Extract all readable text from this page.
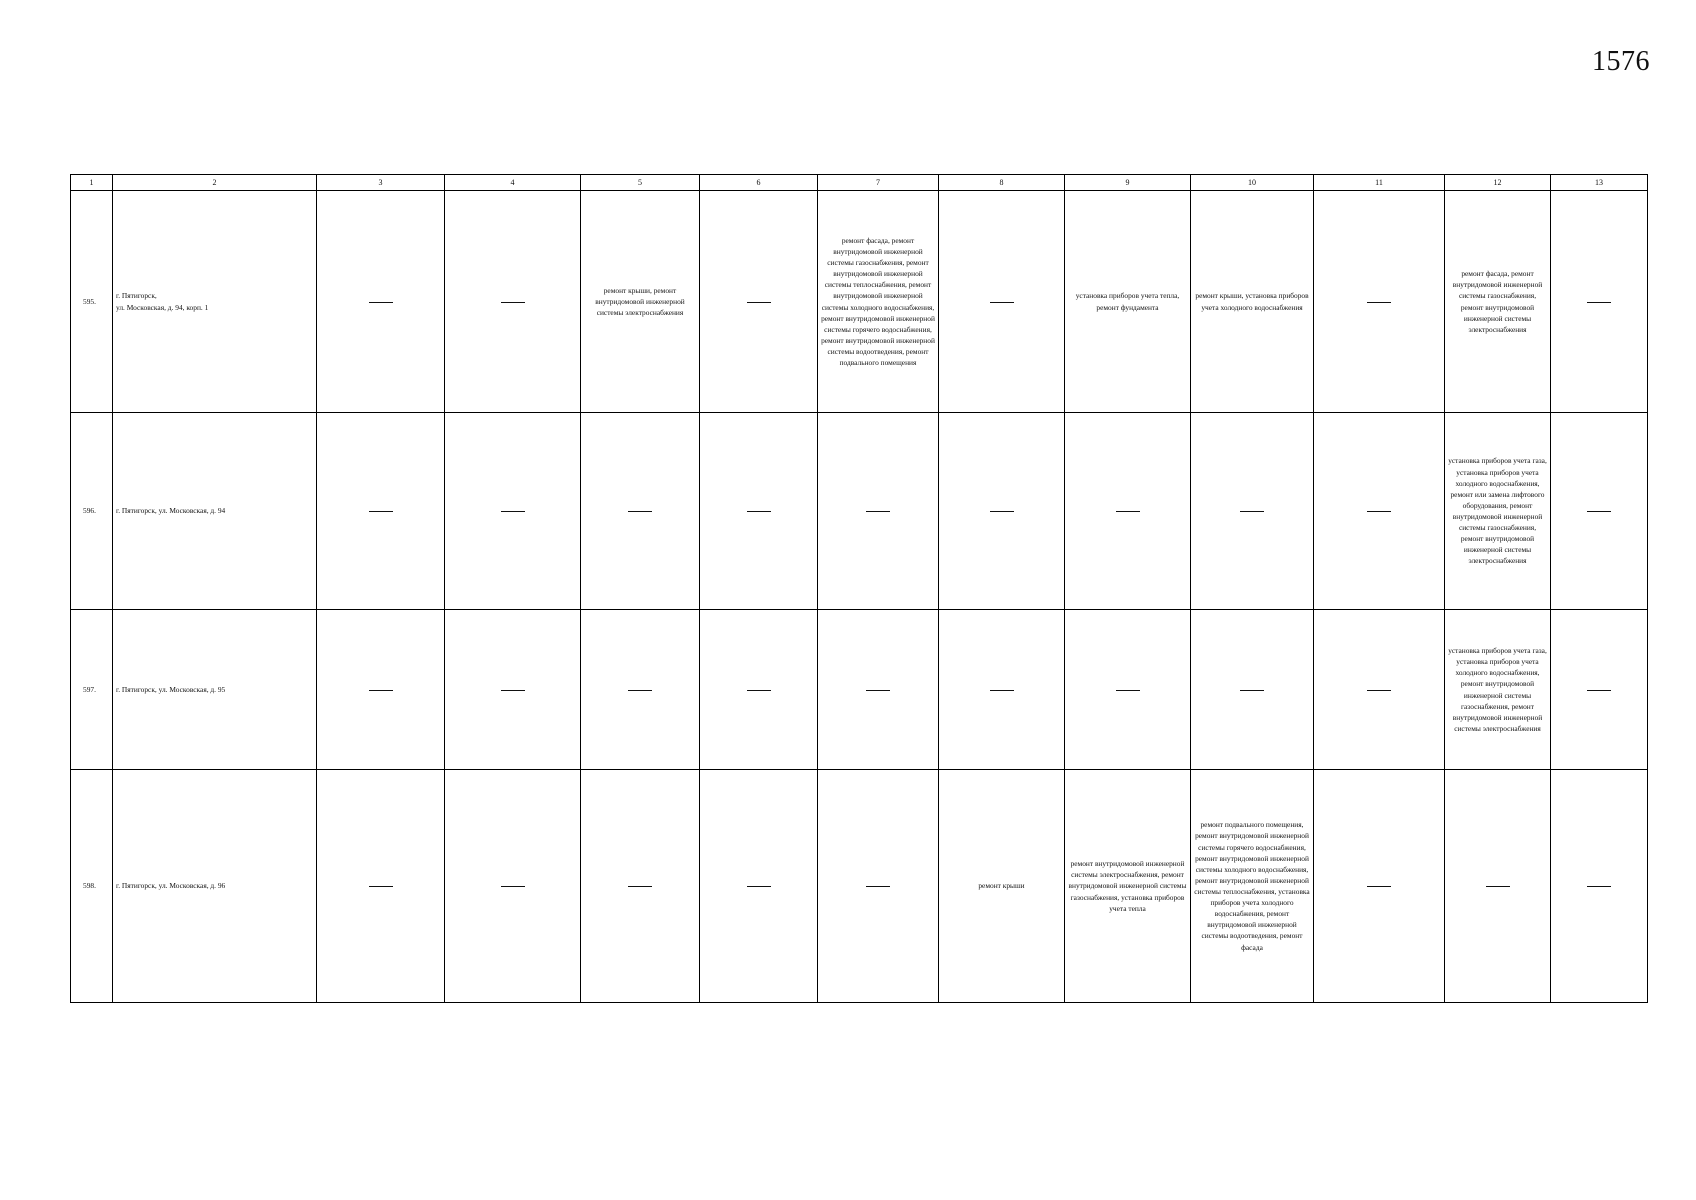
1576
1	2	3	4	5	6	7	8	9	10	11	12	13
595.	г. Пятигорск,
ул. Московская, д. 94, корп. 1			ремонт крыши, ремонт внутридомовой инженерной системы электроснабжения		ремонт фасада, ремонт внутридомовой инженерной системы газоснабжения, ремонт внутридомовой инженерной системы теплоснабжения, ремонт внутридомовой инженерной системы холодного водоснабжения, ремонт внутридомовой инженерной системы горячего водоснабжения, ремонт внутридомовой инженерной системы водоотведения, ремонт подвального помещения		установка приборов учета тепла, ремонт фундамента	ремонт крыши, установка приборов учета холодного водоснабжения		ремонт фасада, ремонт внутридомовой инженерной системы газоснабжения, ремонт внутридомовой инженерной системы электроснабжения	
596.	г. Пятигорск, ул. Московская, д. 94										установка приборов учета газа, установка приборов учета холодного водоснабжения, ремонт или замена лифтового оборудования, ремонт внутридомовой инженерной системы газоснабжения, ремонт внутридомовой инженерной системы электроснабжения	
597.	г. Пятигорск, ул. Московская, д. 95										установка приборов учета газа, установка приборов учета холодного водоснабжения, ремонт внутридомовой инженерной системы газоснабжения, ремонт внутридомовой инженерной системы электроснабжения	
598.	г. Пятигорск, ул. Московская, д. 96						ремонт крыши	ремонт внутридомовой инженерной системы электроснабжения, ремонт внутридомовой инженерной системы газоснабжения, установка приборов учета тепла	ремонт подвального помещения, ремонт внутридомовой инженерной системы горячего водоснабжения, ремонт внутридомовой инженерной системы холодного водоснабжения, ремонт внутридомовой инженерной системы теплоснабжения, установка приборов учета холодного водоснабжения, ремонт внутридомовой инженерной системы водоотведения, ремонт фасада			
